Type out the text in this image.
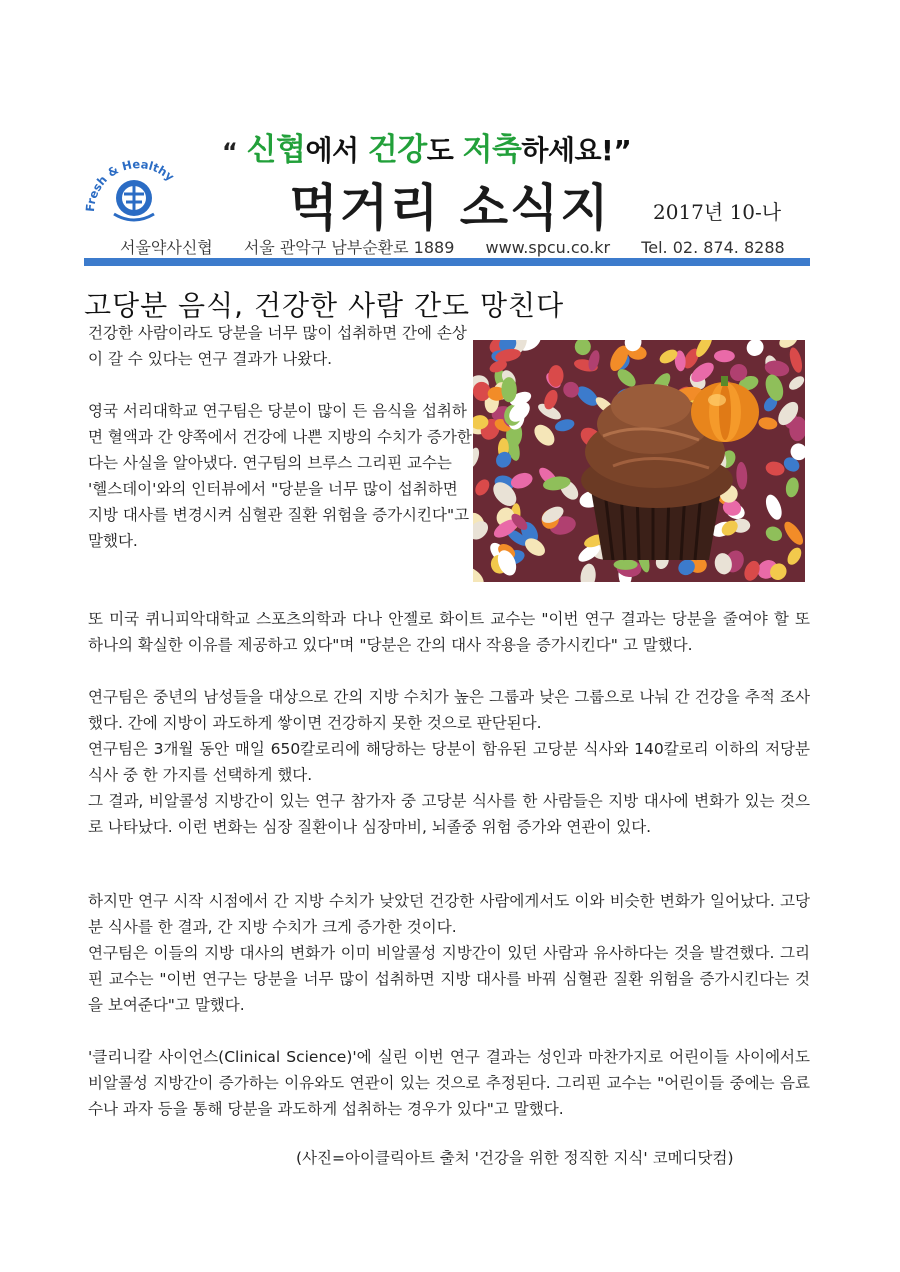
Fresh & Healthy
“ 신협에서 건강도 저축하세요!”
먹거리 소식지	2017년 10-나
서울약사신협 서울 관악구 남부순환로 1889 www.spcu.co.kr Tel. 02. 874. 8288
고당분 음식, 건강한 사람 간도 망친다
건강한 사람이라도 당분을 너무 많이 섭취하면 간에 손상이 갈 수 있다는 연구 결과가 나왔다.
영국 서리대학교 연구팀은 당분이 많이 든 음식을 섭취하면 혈액과 간 양쪽에서 건강에 나쁜 지방의 수치가 증가한다는 사실을 알아냈다. 연구팀의 브루스 그리핀 교수는 '헬스데이'와의 인터뷰에서 "당분을 너무 많이 섭취하면 지방 대사를 변경시켜 심혈관 질환 위험을 증가시킨다"고 말했다.
또 미국 퀴니피악대학교 스포츠의학과 다나 안젤로 화이트 교수는 "이번 연구 결과는 당분을 줄여야 할 또 하나의 확실한 이유를 제공하고 있다"며 "당분은 간의 대사 작용을 증가시킨다" 고 말했다.
연구팀은 중년의 남성들을 대상으로 간의 지방 수치가 높은 그룹과 낮은 그룹으로 나눠 간 건강을 추적 조사했다. 간에 지방이 과도하게 쌓이면 건강하지 못한 것으로 판단된다.
연구팀은 3개월 동안 매일 650칼로리에 해당하는 당분이 함유된 고당분 식사와 140칼로리 이하의 저당분 식사 중 한 가지를 선택하게 했다.
그 결과, 비알콜성 지방간이 있는 연구 참가자 중 고당분 식사를 한 사람들은 지방 대사에 변화가 있는 것으로 나타났다. 이런 변화는 심장 질환이나 심장마비, 뇌졸중 위험 증가와 연관이 있다.
하지만 연구 시작 시점에서 간 지방 수치가 낮았던 건강한 사람에게서도 이와 비슷한 변화가 일어났다. 고당분 식사를 한 결과, 간 지방 수치가 크게 증가한 것이다.
연구팀은 이들의 지방 대사의 변화가 이미 비알콜성 지방간이 있던 사람과 유사하다는 것을 발견했다. 그리핀 교수는 "이번 연구는 당분을 너무 많이 섭취하면 지방 대사를 바꿔 심혈관 질환 위험을 증가시킨다는 것을 보여준다"고 말했다.
'클리니칼 사이언스(Clinical Science)'에 실린 이번 연구 결과는 성인과 마찬가지로 어린이들 사이에서도 비알콜성 지방간이 증가하는 이유와도 연관이 있는 것으로 추정된다. 그리핀 교수는 "어린이들 중에는 음료수나 과자 등을 통해 당분을 과도하게 섭취하는 경우가 있다"고 말했다.
(사진=아이클릭아트 출처 '건강을 위한 정직한 지식' 코메디닷컴)
